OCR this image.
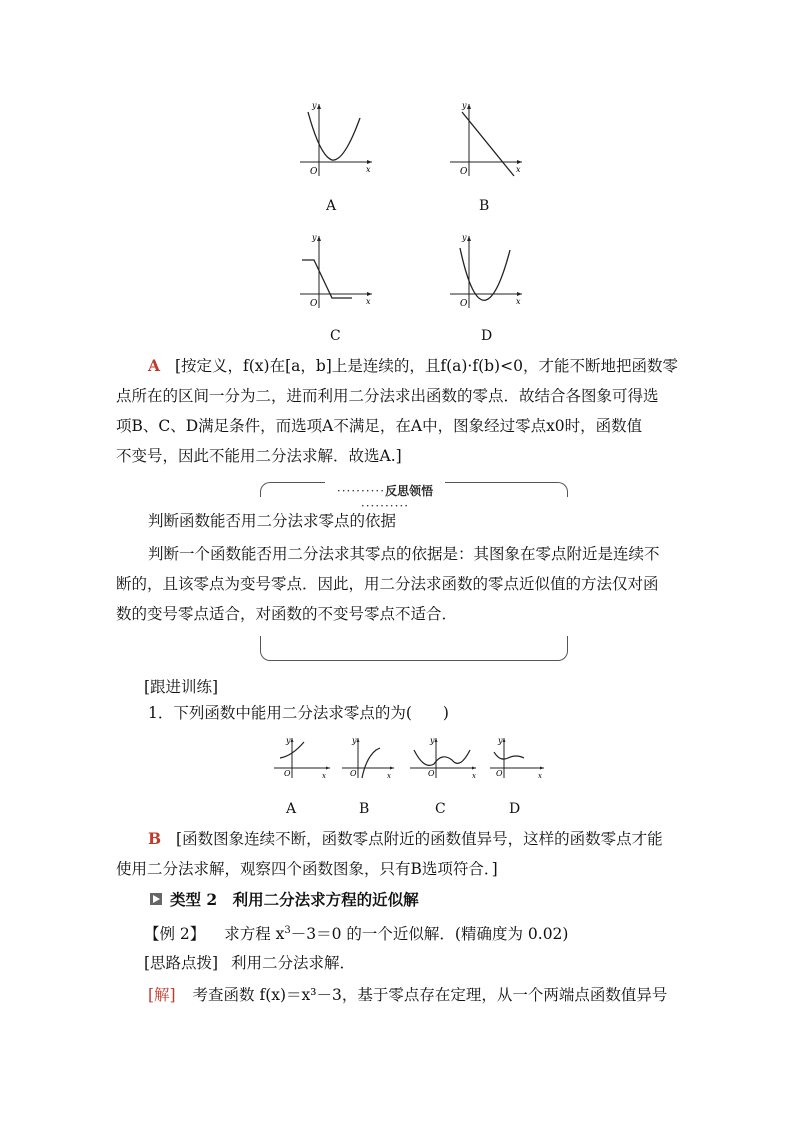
y
x
O
A
y
x
O
B
y
x
O
C
y
x
O
D
A [按定义，f(x)在[a，b]上是连续的，且f(a)·f(b)<0，才能不断地把函数零
点所在的区间一分为二，进而利用二分法求出函数的零点．故结合各图象可得选
项B、C、D满足条件，而选项A不满足，在A中，图象经过零点x0时，函数值
不变号，因此不能用二分法求解．故选A.]
··········反思领悟··········
判断函数能否用二分法求零点的依据
判断一个函数能否用二分法求其零点的依据是：其图象在零点附近是连续不
断的，且该零点为变号零点．因此，用二分法求函数的零点近似值的方法仅对函
数的变号零点适合，对函数的不变号零点不适合．
[跟进训练]
1．下列函数中能用二分法求零点的为(　　)
y
x
O
y
x
O
y
x
O
y
x
O
A	B	C	D
B [函数图象连续不断，函数零点附近的函数值异号，这样的函数零点才能
使用二分法求解，观察四个函数图象，只有B选项符合．]
类型 2　利用二分法求方程的近似解
【例 2】 求方程 $x^3-3=0$ 的一个近似解．(精确度为 0.02)
[思路点拨] 利用二分法求解．
[解] 考查函数 f(x)＝x³－3，基于零点存在定理，从一个两端点函数值异号
